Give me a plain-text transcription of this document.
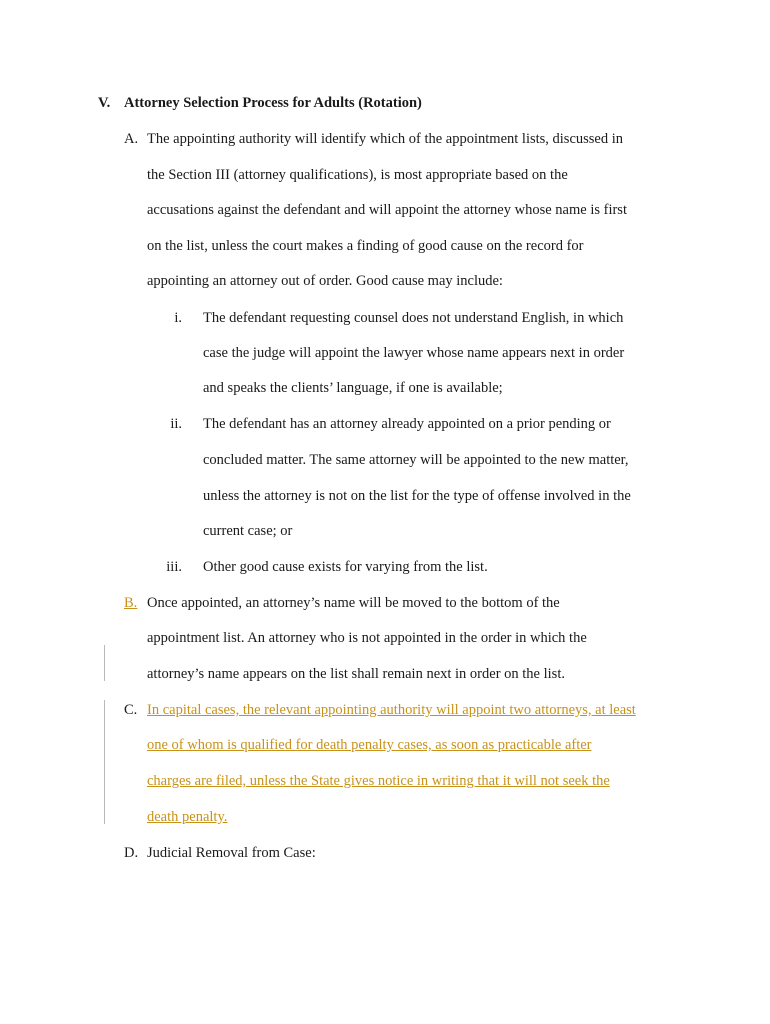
V. Attorney Selection Process for Adults (Rotation)
A. The appointing authority will identify which of the appointment lists, discussed in
the Section III (attorney qualifications), is most appropriate based on the
accusations against the defendant and will appoint the attorney whose name is first
on the list, unless the court makes a finding of good cause on the record for
appointing an attorney out of order. Good cause may include:
i. The defendant requesting counsel does not understand English, in which
case the judge will appoint the lawyer whose name appears next in order
and speaks the clients’ language, if one is available;
ii. The defendant has an attorney already appointed on a prior pending or
concluded matter. The same attorney will be appointed to the new matter,
unless the attorney is not on the list for the type of offense involved in the
current case; or
iii. Other good cause exists for varying from the list.
B. Once appointed, an attorney’s name will be moved to the bottom of the
appointment list. An attorney who is not appointed in the order in which the
attorney’s name appears on the list shall remain next in order on the list.
C. In capital cases, the relevant appointing authority will appoint two attorneys, at least
one of whom is qualified for death penalty cases, as soon as practicable after
charges are filed, unless the State gives notice in writing that it will not seek the
death penalty.
D. Judicial Removal from Case:
